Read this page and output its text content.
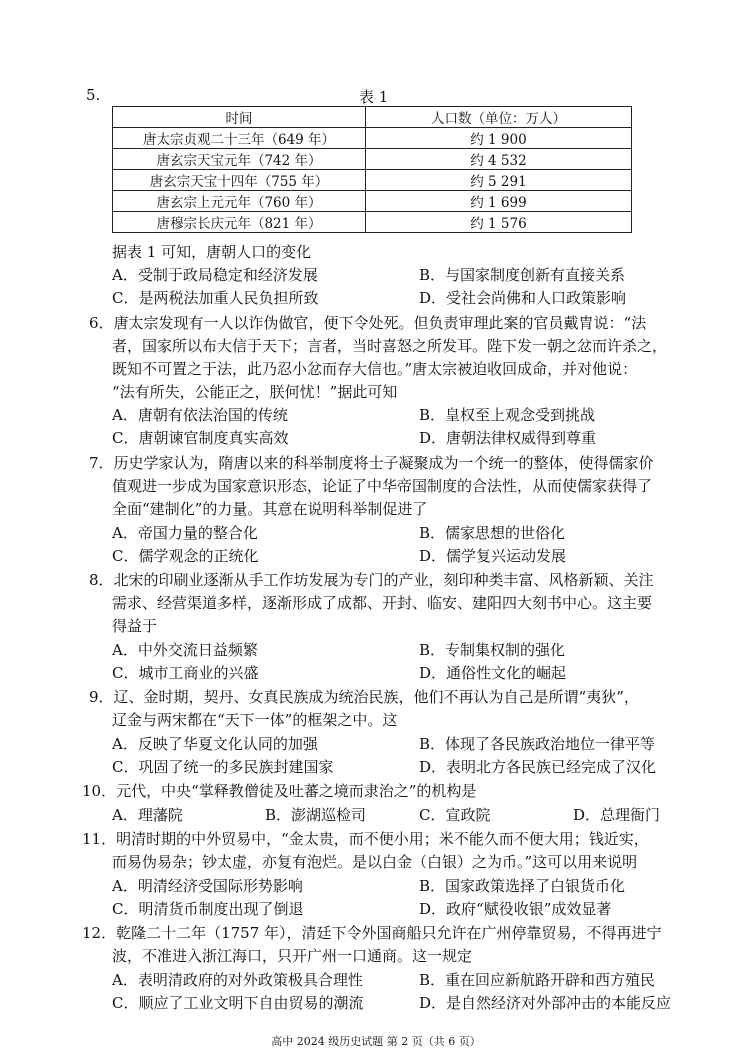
5.	表 1
时间	人口数（单位：万人）
唐太宗贞观二十三年（649 年）	约 1 900
唐玄宗天宝元年（742 年）	约 4 532
唐玄宗天宝十四年（755 年）	约 5 291
唐玄宗上元元年（760 年）	约 1 699
唐穆宗长庆元年（821 年）	约 1 576
据表 1 可知，唐朝人口的变化
A．受制于政局稳定和经济发展	B．与国家制度创新有直接关系
C．是两税法加重人民负担所致	D．受社会尚佛和人口政策影响
6．唐太宗发现有一人以诈伪做官，便下令处死。但负责审理此案的官员戴胄说：“法
者，国家所以布大信于天下；言者，当时喜怒之所发耳。陛下发一朝之忿而许杀之，
既知不可置之于法，此乃忍小忿而存大信也。”唐太宗被迫收回成命，并对他说：
“法有所失，公能正之，朕何忧！”据此可知
A．唐朝有依法治国的传统	B．皇权至上观念受到挑战
C．唐朝谏官制度真实高效	D．唐朝法律权威得到尊重
7．历史学家认为，隋唐以来的科举制度将士子凝聚成为一个统一的整体，使得儒家价
值观进一步成为国家意识形态，论证了中华帝国制度的合法性，从而使儒家获得了
全面“建制化”的力量。其意在说明科举制促进了
A．帝国力量的整合化	B．儒家思想的世俗化
C．儒学观念的正统化	D．儒学复兴运动发展
8．北宋的印刷业逐渐从手工作坊发展为专门的产业，刻印种类丰富、风格新颖、关注
需求、经营渠道多样，逐渐形成了成都、开封、临安、建阳四大刻书中心。这主要
得益于
A．中外交流日益频繁	B．专制集权制的强化
C．城市工商业的兴盛	D．通俗性文化的崛起
9．辽、金时期，契丹、女真民族成为统治民族，他们不再认为自己是所谓“夷狄”，
辽金与两宋都在“天下一体”的框架之中。这
A．反映了华夏文化认同的加强	B．体现了各民族政治地位一律平等
C．巩固了统一的多民族封建国家	D．表明北方各民族已经完成了汉化
10．元代，中央“掌释教僧徒及吐蕃之境而隶治之”的机构是
A．理藩院	B．澎湖巡检司	C．宣政院	D．总理衙门
11．明清时期的中外贸易中，“金太贵，而不便小用；米不能久而不便大用；钱近实，
而易伪易杂；钞太虚，亦复有泡烂。是以白金（白银）之为币。”这可以用来说明
A．明清经济受国际形势影响	B．国家政策选择了白银货币化
C．明清货币制度出现了倒退	D．政府“赋役收银”成效显著
12．乾隆二十二年（1757 年），清廷下令外国商船只允许在广州停靠贸易，不得再进宁
波，不准进入浙江海口，只开广州一口通商。这一规定
A．表明清政府的对外政策极具合理性	B．重在回应新航路开辟和西方殖民
C．顺应了工业文明下自由贸易的潮流	D．是自然经济对外部冲击的本能反应
高中 2024 级历史试题 第 2 页（共 6 页）
